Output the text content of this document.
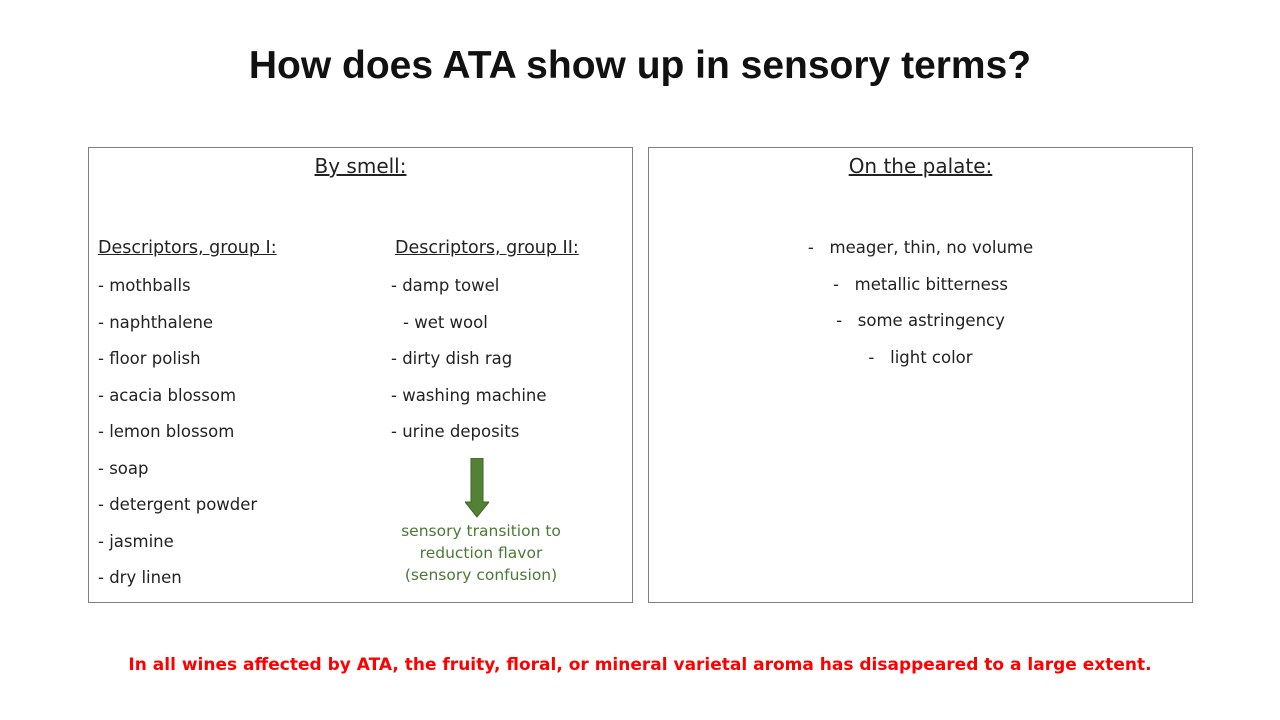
How does ATA show up in sensory terms?
By smell:
Descriptors, group I:	Descriptors, group II:
- mothballs
- naphthalene
- floor polish
- acacia blossom
- lemon blossom
- soap
- detergent powder
- jasmine
- dry linen
- damp towel
- wet wool
- dirty dish rag
- washing machine
- urine deposits
sensory transition to
reduction flavor
(sensory confusion)
On the palate:
-   meager, thin, no volume
-   metallic bitterness
-   some astringency
-   light color
In all wines affected by ATA, the fruity, floral, or mineral varietal aroma has disappeared to a large extent.
